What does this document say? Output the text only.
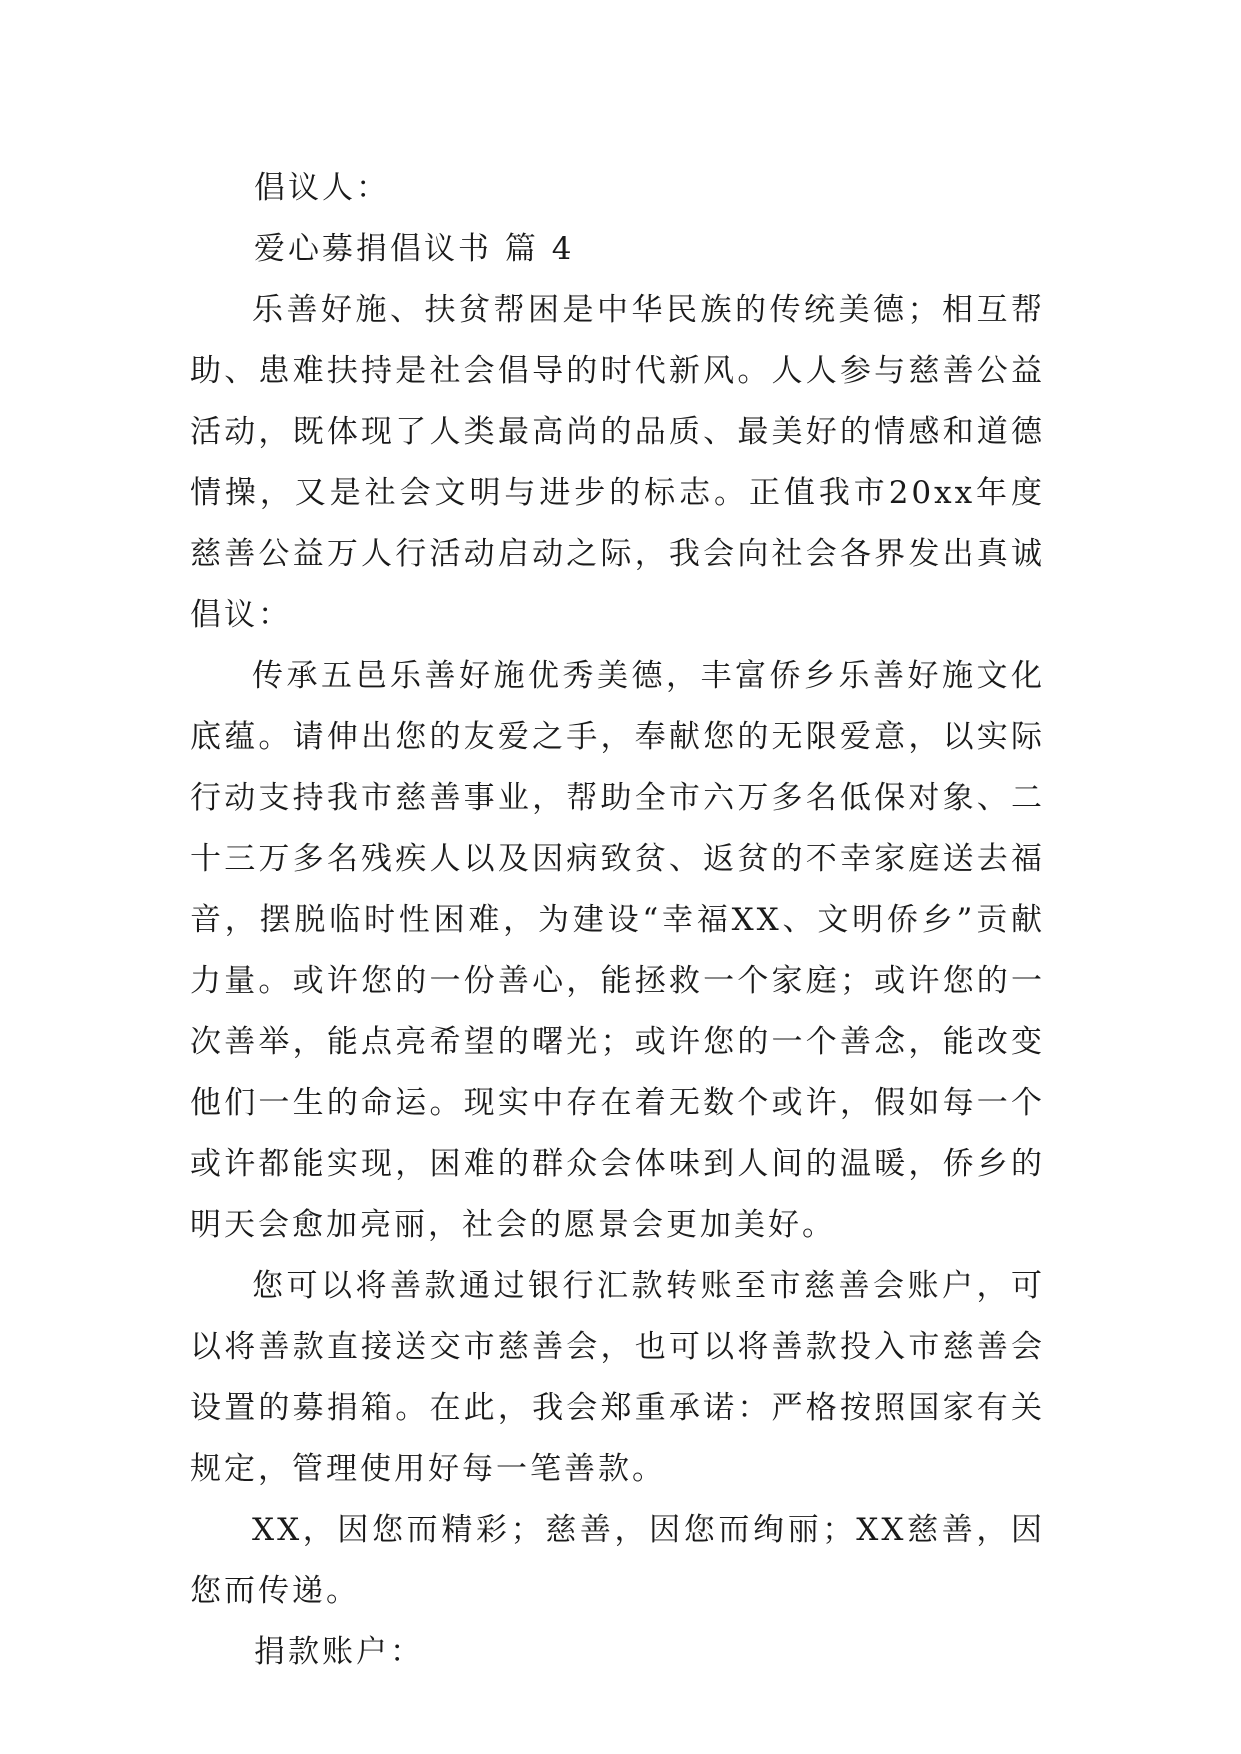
倡议人：

爱心募捐倡议书 篇 4

乐善好施、扶贫帮困是中华民族的传统美德；相互帮助、患难扶持是社会倡导的时代新风。人人参与慈善公益活动，既体现了人类最高尚的品质、最美好的情感和道德情操，又是社会文明与进步的标志。正值我市20xx年度慈善公益万人行活动启动之际，我会向社会各界发出真诚倡议：

传承五邑乐善好施优秀美德，丰富侨乡乐善好施文化底蕴。请伸出您的友爱之手，奉献您的无限爱意，以实际行动支持我市慈善事业，帮助全市六万多名低保对象、二十三万多名残疾人以及因病致贫、返贫的不幸家庭送去福音，摆脱临时性困难，为建设“幸福XX、文明侨乡”贡献力量。或许您的一份善心，能拯救一个家庭；或许您的一次善举，能点亮希望的曙光；或许您的一个善念，能改变他们一生的命运。现实中存在着无数个或许，假如每一个或许都能实现，困难的群众会体味到人间的温暖，侨乡的明天会愈加亮丽，社会的愿景会更加美好。

您可以将善款通过银行汇款转账至市慈善会账户，可以将善款直接送交市慈善会，也可以将善款投入市慈善会设置的募捐箱。在此，我会郑重承诺：严格按照国家有关规定，管理使用好每一笔善款。

XX，因您而精彩；慈善，因您而绚丽；XX慈善，因您而传递。

捐款账户：
